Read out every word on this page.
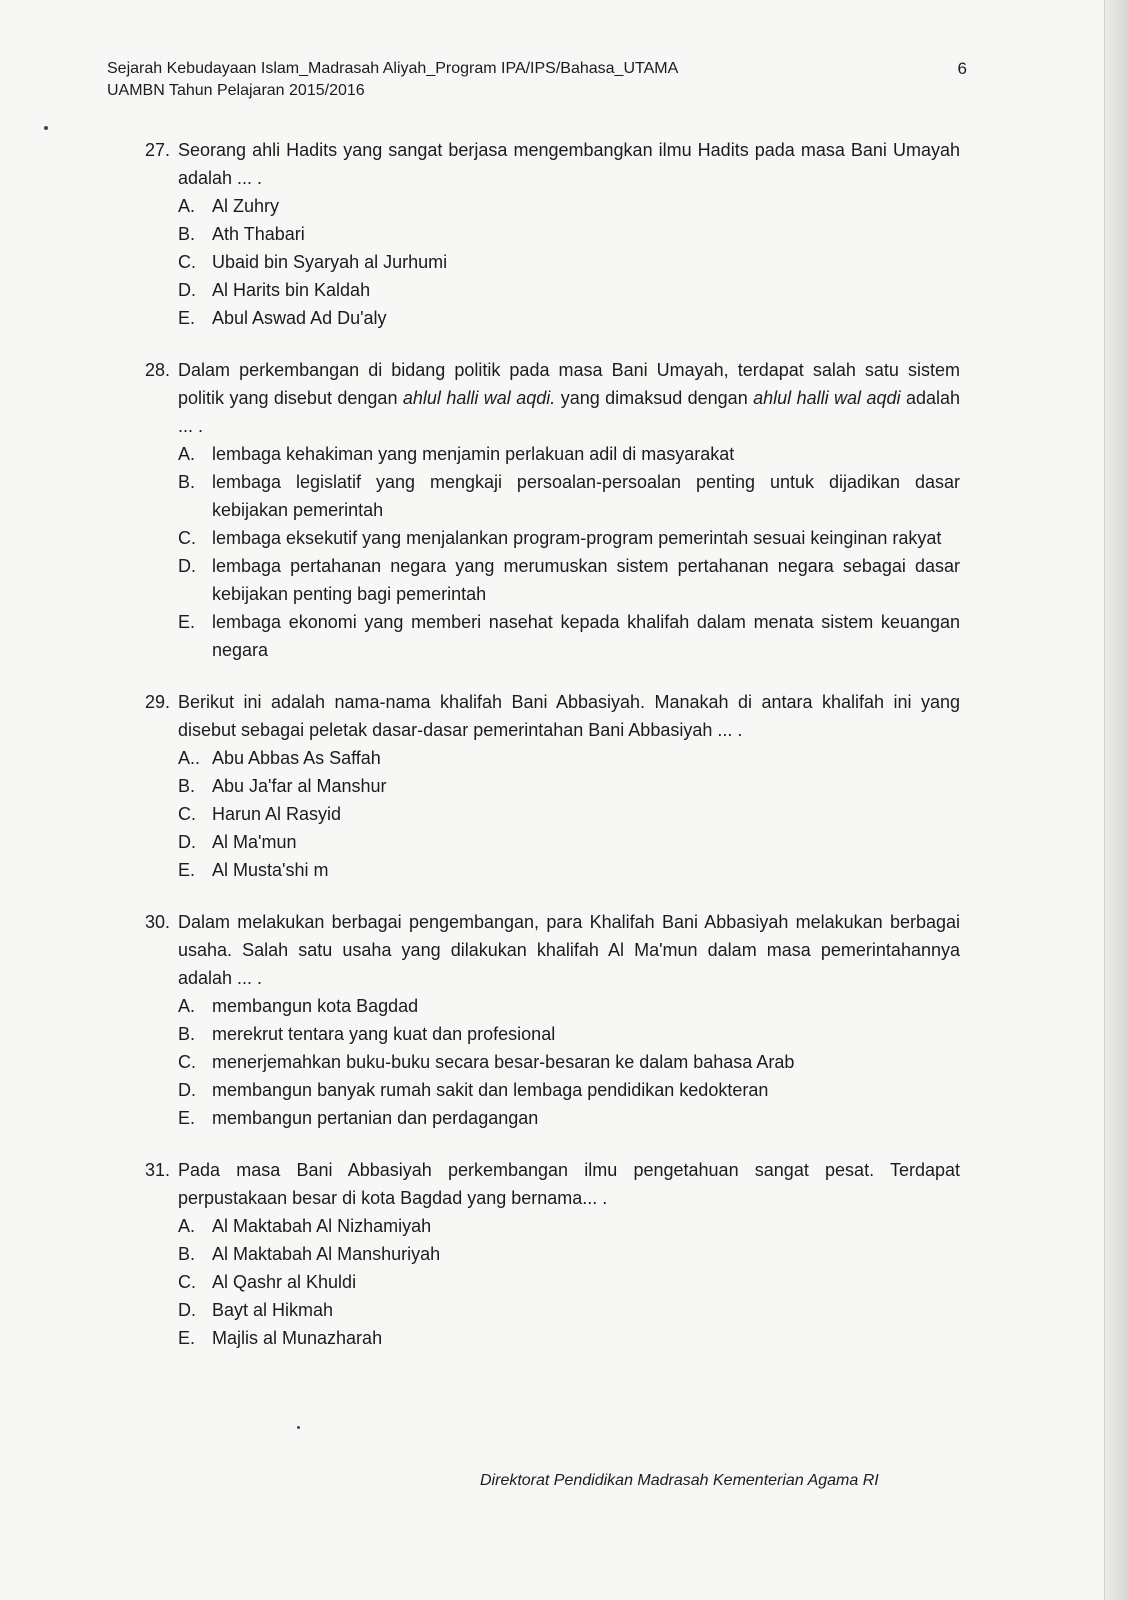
Sejarah Kebudayaan Islam_Madrasah Aliyah_Program IPA/IPS/Bahasa_UTAMA
UAMBN Tahun Pelajaran 2015/2016
6
27. Seorang ahli Hadits yang sangat berjasa mengembangkan ilmu Hadits pada masa Bani Umayah adalah ... .

A. Al Zuhry
B. Ath Thabari
C. Ubaid bin Syaryah al Jurhumi
D. Al Harits bin Kaldah
E. Abul Aswad Ad Du'aly
28. Dalam perkembangan di bidang politik pada masa Bani Umayah, terdapat salah satu sistem politik yang disebut dengan ahlul halli wal aqdi. yang dimaksud dengan ahlul halli wal aqdi adalah ... .

A. lembaga kehakiman yang menjamin perlakuan adil di masyarakat
B. lembaga legislatif yang mengkaji persoalan-persoalan penting untuk dijadikan dasar kebijakan pemerintah
C. lembaga eksekutif yang menjalankan program-program pemerintah sesuai keinginan rakyat
D. lembaga pertahanan negara yang merumuskan sistem pertahanan negara sebagai dasar kebijakan penting bagi pemerintah
E. lembaga ekonomi yang memberi nasehat kepada khalifah dalam menata sistem keuangan negara
29. Berikut ini adalah nama-nama khalifah Bani Abbasiyah. Manakah di antara khalifah ini yang disebut sebagai peletak dasar-dasar pemerintahan Bani Abbasiyah ... .

A.. Abu Abbas As Saffah
B. Abu Ja'far al Manshur
C. Harun Al Rasyid
D. Al Ma'mun
E. Al Musta'shi m
30. Dalam melakukan berbagai pengembangan, para Khalifah Bani Abbasiyah melakukan berbagai usaha. Salah satu usaha yang dilakukan khalifah Al Ma'mun dalam masa pemerintahannya adalah ... .

A. membangun kota Bagdad
B. merekrut tentara yang kuat dan profesional
C. menerjemahkan buku-buku secara besar-besaran ke dalam bahasa Arab
D. membangun banyak rumah sakit dan lembaga pendidikan kedokteran
E. membangun pertanian dan perdagangan
31. Pada masa Bani Abbasiyah perkembangan ilmu pengetahuan sangat pesat. Terdapat perpustakaan besar di kota Bagdad yang bernama... .

A. Al Maktabah Al Nizhamiyah
B. Al Maktabah Al Manshuriyah
C. Al Qashr al Khuldi
D. Bayt al Hikmah
E. Majlis al Munazharah
Direktorat Pendidikan Madrasah Kementerian Agama RI
